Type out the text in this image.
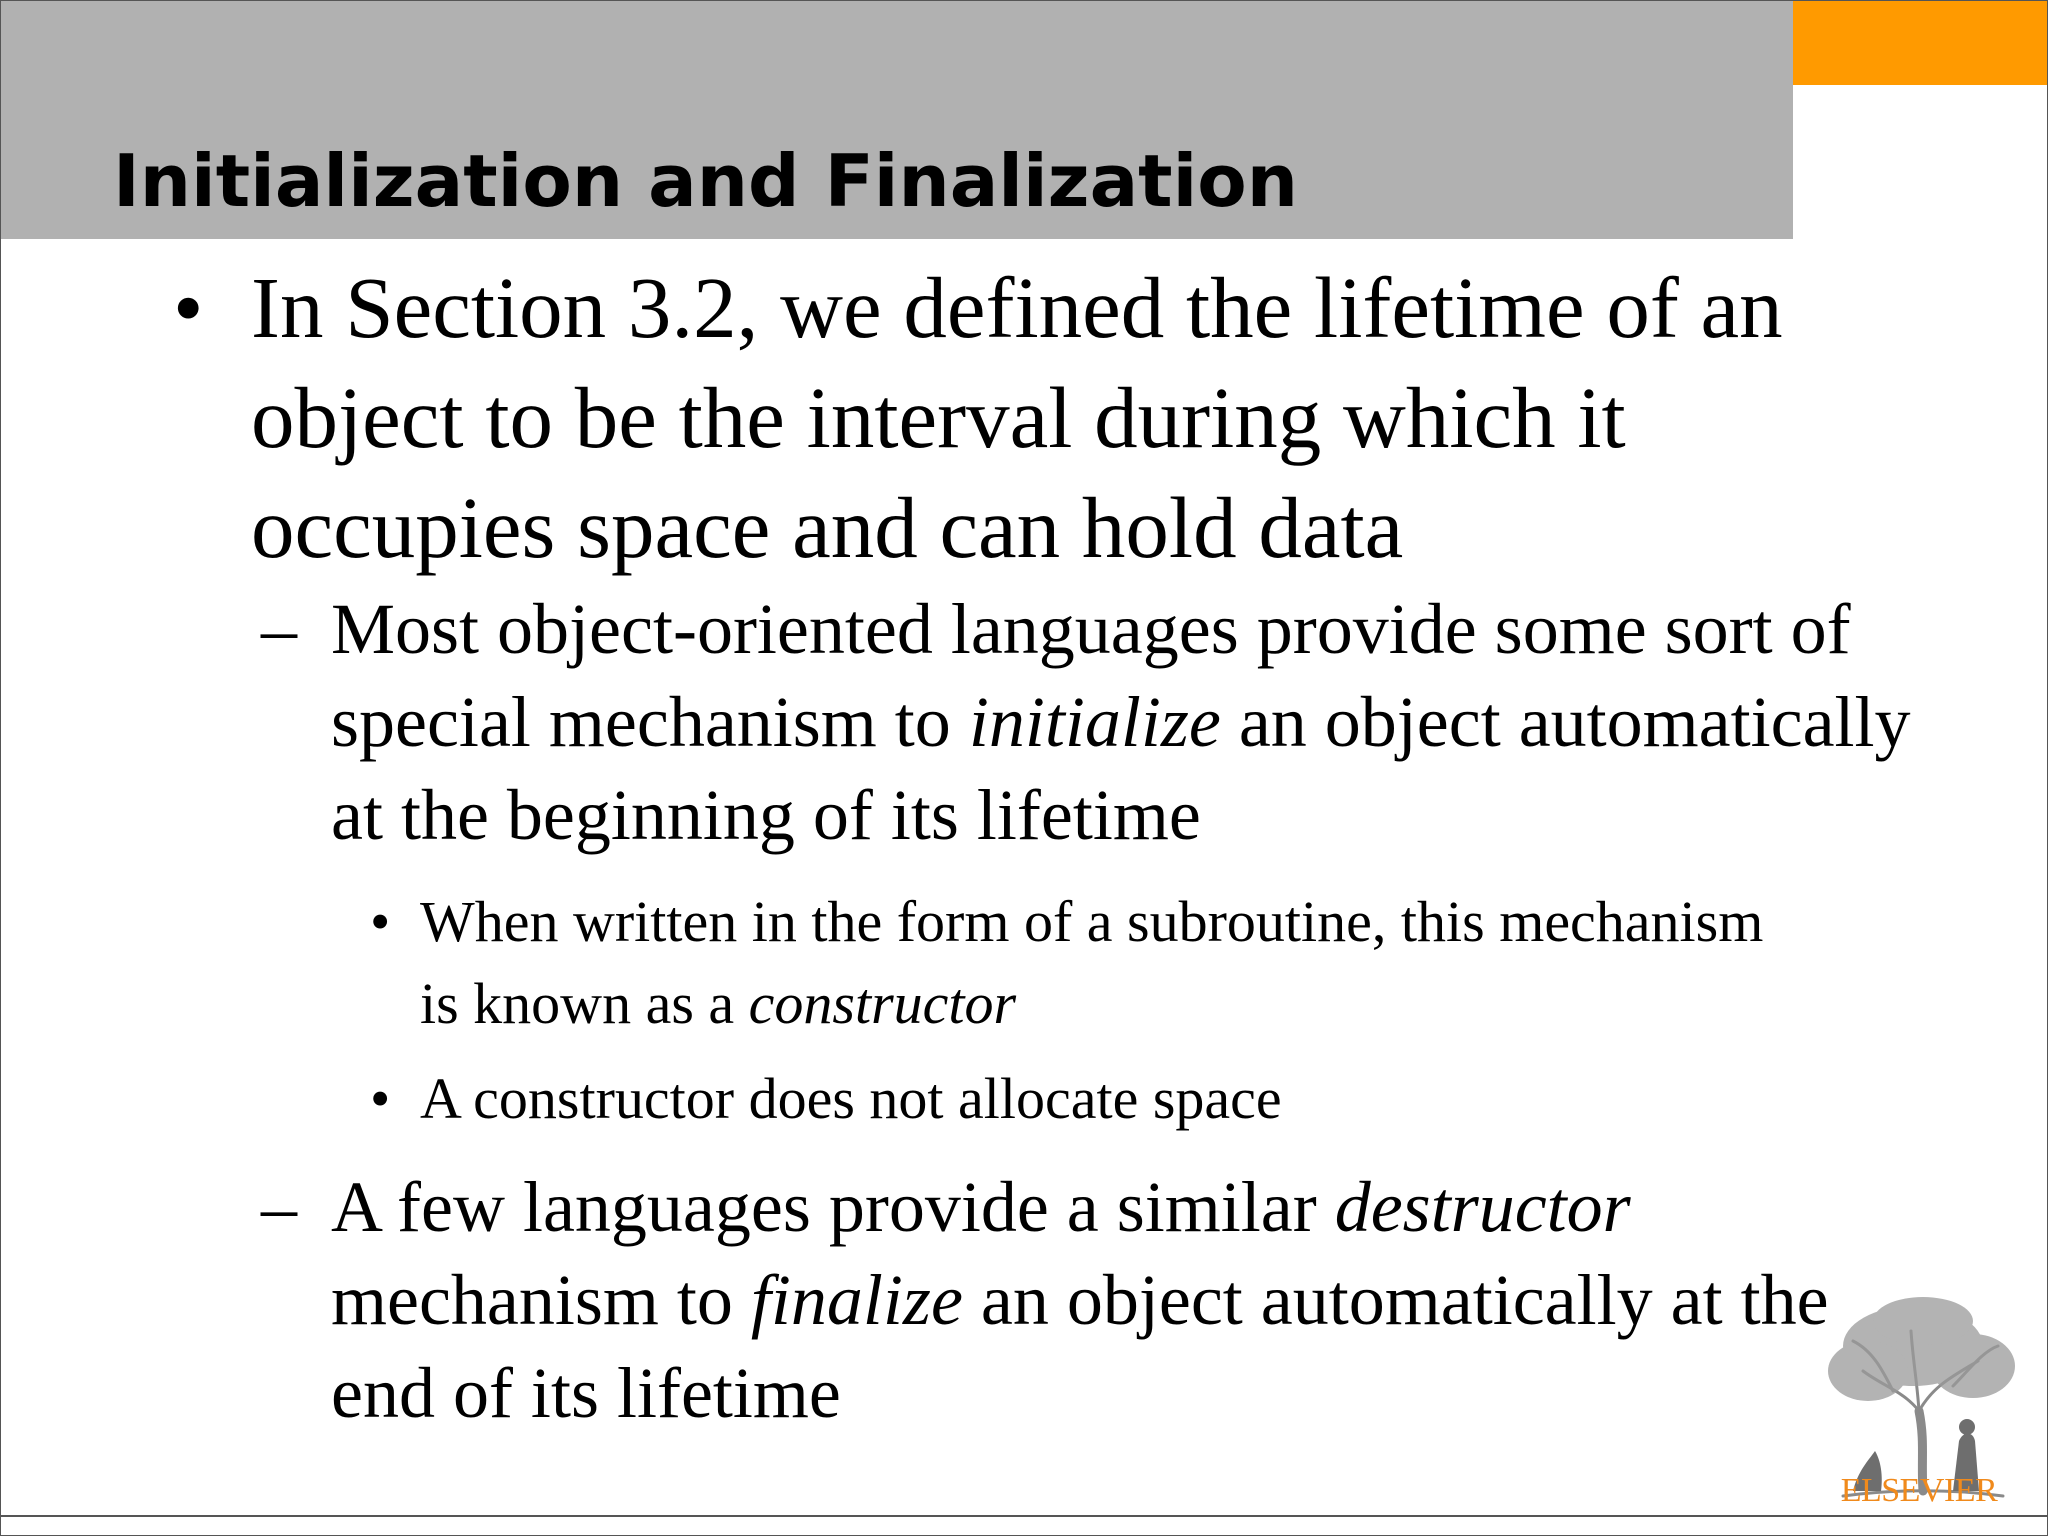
Initialization and Finalization
• In Section 3.2, we defined the lifetime of an object to be the interval during which it occupies space and can hold data
– Most object-oriented languages provide some sort of special mechanism to initialize an object automatically at the beginning of its lifetime
• When written in the form of a subroutine, this mechanism is known as a constructor
• A constructor does not allocate space
– A few languages provide a similar destructor mechanism to finalize an object automatically at the end of its lifetime
ELSEVIER
